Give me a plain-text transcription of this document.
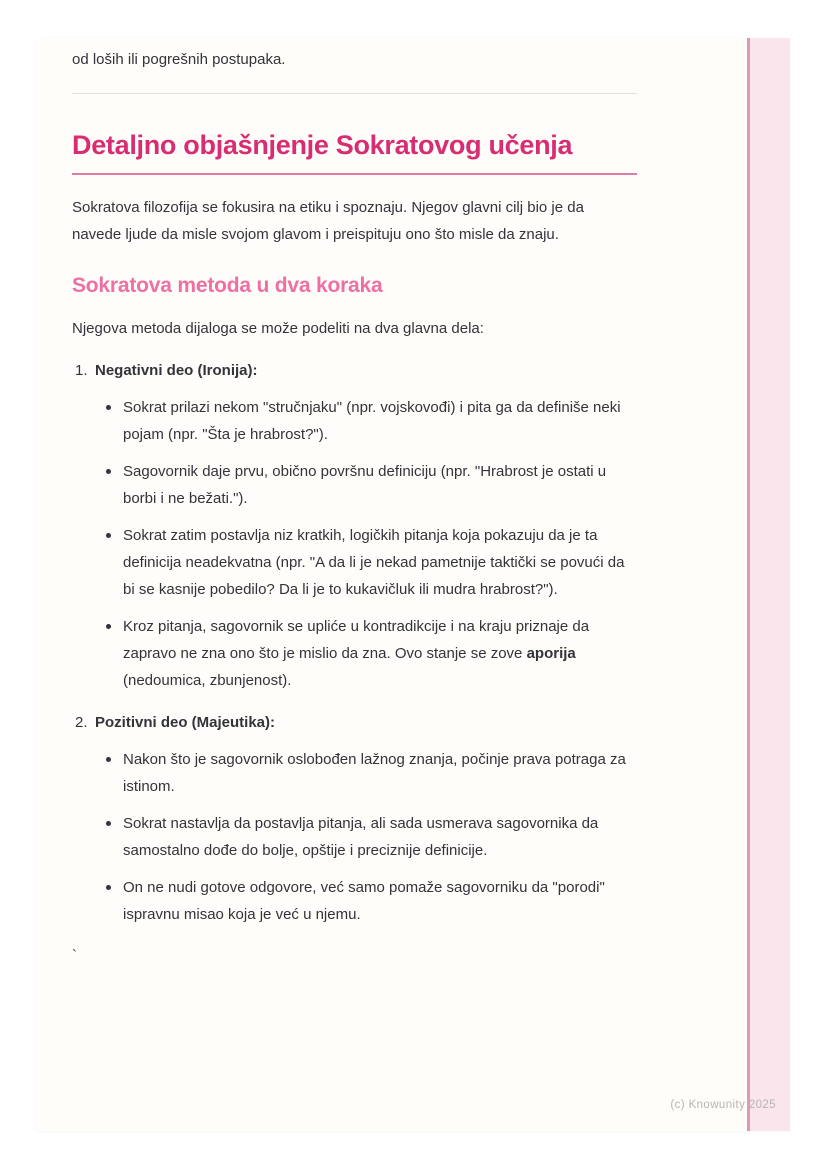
od loših ili pogrešnih postupaka.

Detaljno objašnjenje Sokratovog učenja

Sokratova filozofija se fokusira na etiku i spoznaju. Njegov glavni cilj bio je da navede ljude da misle svojom glavom i preispituju ono što misle da znaju.

Sokratova metoda u dva koraka

Njegova metoda dijaloga se može podeliti na dva glavna dela:

1. Negativni deo (Ironija):
Sokrat prilazi nekom "stručnjaku" (npr. vojskovođi) i pita ga da definiše neki pojam (npr. "Šta je hrabrost?").
Sagovornik daje prvu, obično površnu definiciju (npr. "Hrabrost je ostati u borbi i ne bežati.").
Sokrat zatim postavlja niz kratkih, logičkih pitanja koja pokazuju da je ta definicija neadekvatna (npr. "A da li je nekad pametnije taktički se povući da bi se kasnije pobedilo? Da li je to kukavičluk ili mudra hrabrost?").
Kroz pitanja, sagovornik se upliće u kontradikcije i na kraju priznaje da zapravo ne zna ono što je mislio da zna. Ovo stanje se zove aporija (nedoumica, zbunjenost).
2. Pozitivni deo (Majeutika):
Nakon što je sagovornik oslobođen lažnog znanja, počinje prava potraga za istinom.
Sokrat nastavlja da postavlja pitanja, ali sada usmerava sagovornika da samostalno dođe do bolje, opštije i preciznije definicije.
On ne nudi gotove odgovore, već samo pomaže sagovorniku da "porodi" ispravnu misao koja je već u njemu.

`

(c) Knowunity 2025
